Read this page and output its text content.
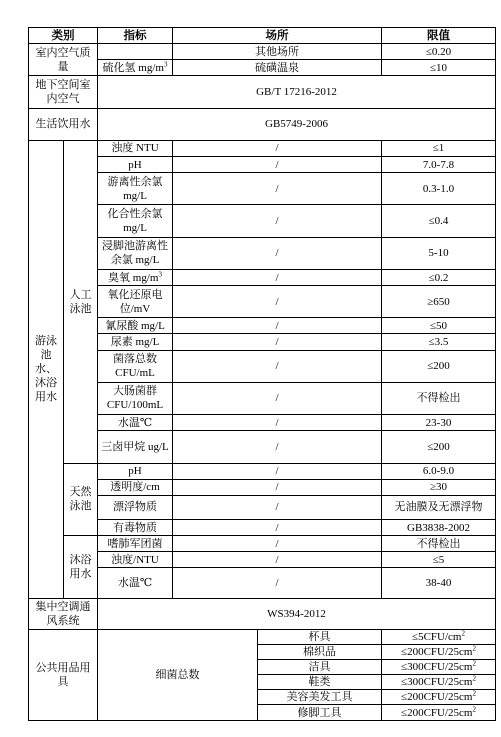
类别		指标	场所		限值
室内空气质量			其他场所		≤0.20
		硫化氢 $mg/m^3$	硫磺温泉		≤10
地下空间室内空气		GB/T 17216-2012			
生活饮用水		GB5749-2006			
游泳池水、沐浴用水	人工泳池	浊度 NTU	/		≤1
		pH	/		7.0-7.8
		游离性余氯 mg/L	/		0.3-1.0
		化合性余氯 mg/L	/		≤0.4
		浸脚池游离性余氯 mg/L	/		5-10
		臭氧 $mg/m^3$	/		≤0.2
		氧化还原电位/mV	/		≥650
		氰尿酸 mg/L	/		≤50
		尿素 mg/L	/		≤3.5
		菌落总数 CFU/mL	/		≤200
		大肠菌群 CFU/100mL	/		不得检出
		水温℃	/		23-30
		三卤甲烷 ug/L	/		≤200
	天然泳池	pH	/		6.0-9.0
		透明度/cm	/		≥30
		漂浮物质	/		无油膜及无漂浮物
		有毒物质	/		GB3838-2002
	沐浴用水	嗜肺军团菌	/		不得检出
		浊度/NTU	/		≤5
		水温℃	/		38-40
集中空调通风系统		WS394-2012			
公共用品用具		细菌总数		杯具	$\le 5CFU/cm^2$
				棉织品	$\le 200CFU/25cm^2$
				洁具	$\le 300CFU/25cm^2$
				鞋类	$\le 300CFU/25cm^2$
				美容美发工具	$\le 200CFU/25cm^2$
				修脚工具	$\le 200CFU/25cm^2$
